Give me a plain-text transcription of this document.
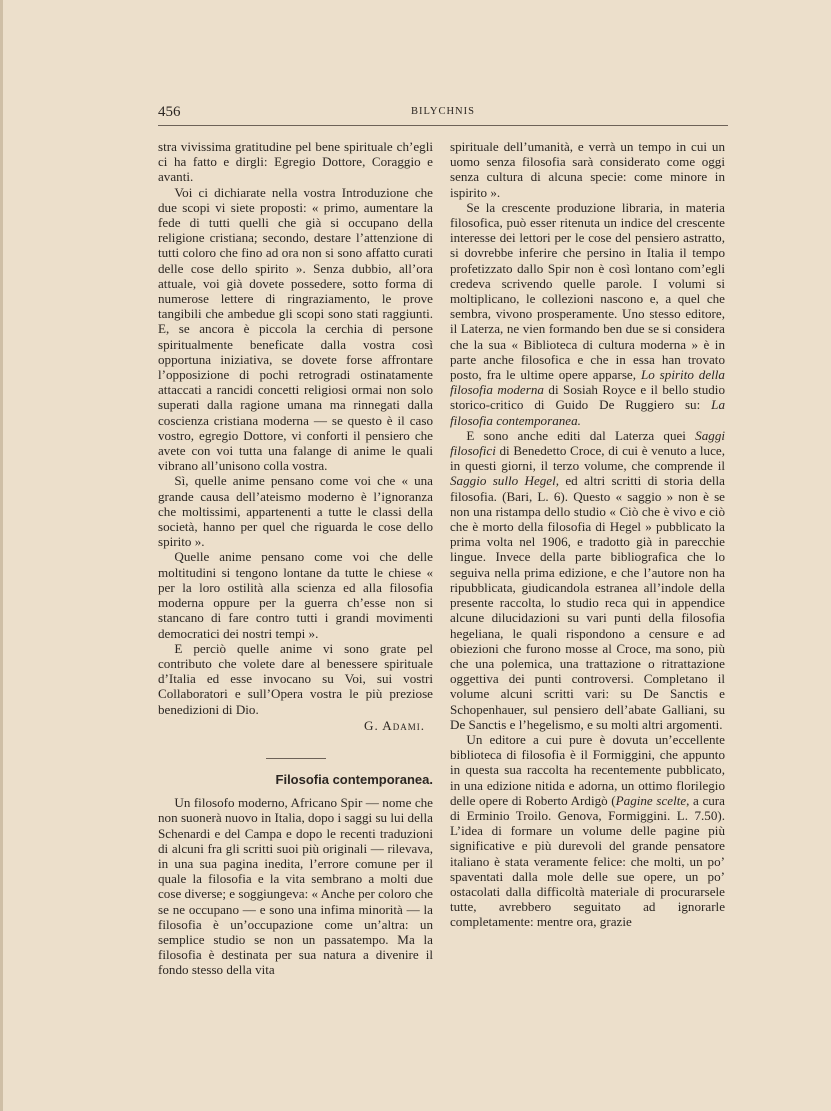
456	BILYCHNIS

stra vivissima gratitudine pel bene spirituale ch’egli ci ha fatto e dirgli: Egregio Dottore, Coraggio e avanti.

Voi ci dichiarate nella vostra Introduzione che due scopi vi siete proposti: « primo, aumentare la fede di tutti quelli che già si occupano della religione cristiana; secondo, destare l’attenzione di tutti coloro che fino ad ora non si sono affatto curati delle cose dello spirito ». Senza dubbio, all’ora attuale, voi già dovete possedere, sotto forma di numerose lettere di ringraziamento, le prove tangibili che ambedue gli scopi sono stati raggiunti. E, se ancora è piccola la cerchia di persone spiritualmente beneficate dalla vostra così opportuna iniziativa, se dovete forse affrontare l’opposizione di pochi retrogradi ostinatamente attaccati a rancidi concetti religiosi ormai non solo superati dalla ragione umana ma rinnegati dalla coscienza cristiana moderna — se questo è il caso vostro, egregio Dottore, vi conforti il pensiero che avete con voi tutta una falange di anime le quali vibrano all’unisono colla vostra.

Sì, quelle anime pensano come voi che « una grande causa dell’ateismo moderno è l’ignoranza che moltissimi, appartenenti a tutte le classi della società, hanno per quel che riguarda le cose dello spirito ».

Quelle anime pensano come voi che delle moltitudini si tengono lontane da tutte le chiese « per la loro ostilità alla scienza ed alla filosofia moderna oppure per la guerra ch’esse non si stancano di fare contro tutti i grandi movimenti democratici dei nostri tempi ».

E perciò quelle anime vi sono grate pel contributo che volete dare al benessere spirituale d’Italia ed esse invocano su Voi, sui vostri Collaboratori e sull’Opera vostra le più preziose benedizioni di Dio.

G. Adami.
Filosofia contemporanea.

Un filosofo moderno, Africano Spir — nome che non suonerà nuovo in Italia, dopo i saggi su lui della Schenardi e del Campa e dopo le recenti traduzioni di alcuni fra gli scritti suoi più originali — rilevava, in una sua pagina inedita, l’errore comune per il quale la filosofia e la vita sembrano a molti due cose diverse; e soggiungeva: « Anche per coloro che se ne occupano — e sono una infima minorità — la filosofia è un’occupazione come un’altra: un semplice studio se non un passatempo. Ma la filosofia è destinata per sua natura a divenire il fondo stesso della vita

spirituale dell’umanità, e verrà un tempo in cui un uomo senza filosofia sarà considerato come oggi senza cultura di alcuna specie: come minore in ispirito ».

Se la crescente produzione libraria, in materia filosofica, può esser ritenuta un indice del crescente interesse dei lettori per le cose del pensiero astratto, si dovrebbe inferire che persino in Italia il tempo profetizzato dallo Spir non è così lontano com’egli credeva scrivendo quelle parole. I volumi si moltiplicano, le collezioni nascono e, a quel che sembra, vivono prosperamente. Uno stesso editore, il Laterza, ne vien formando ben due se si considera che la sua « Biblioteca di cultura moderna » è in parte anche filosofica e che in essa han trovato posto, fra le ultime opere apparse, Lo spirito della filosofia moderna di Sosiah Royce e il bello studio storico-critico di Guido De Ruggiero su: La filosofia contemporanea.

E sono anche editi dal Laterza quei Saggi filosofici di Benedetto Croce, di cui è venuto a luce, in questi giorni, il terzo volume, che comprende il Saggio sullo Hegel, ed altri scritti di storia della filosofia. (Bari, L. 6). Questo « saggio » non è se non una ristampa dello studio « Ciò che è vivo e ciò che è morto della filosofia di Hegel » pubblicato la prima volta nel 1906, e tradotto già in parecchie lingue. Invece della parte bibliografica che lo seguiva nella prima edizione, e che l’autore non ha ripubblicata, giudicandola estranea all’indole della presente raccolta, lo studio reca qui in appendice alcune dilucidazioni su vari punti della filosofia hegeliana, le quali rispondono a censure e ad obiezioni che furono mosse al Croce, ma sono, più che una polemica, una trattazione o ritrattazione oggettiva dei punti controversi. Completano il volume alcuni scritti vari: su De Sanctis e Schopenhauer, sul pensiero dell’abate Galliani, su De Sanctis e l’hegelismo, e su molti altri argomenti.

Un editore a cui pure è dovuta un’eccellente biblioteca di filosofia è il Formiggini, che appunto in questa sua raccolta ha recentemente pubblicato, in una edizione nitida e adorna, un ottimo florilegio delle opere di Roberto Ardigò (Pagine scelte, a cura di Erminio Troilo. Genova, Formiggini. L. 7.50). L’idea di formare un volume delle pagine più significative e più durevoli del grande pensatore italiano è stata veramente felice: che molti, un po’ spaventati dalla mole delle sue opere, un po’ ostacolati dalla difficoltà materiale di procurarsele tutte, avrebbero seguitato ad ignorarle completamente: mentre ora, grazie
